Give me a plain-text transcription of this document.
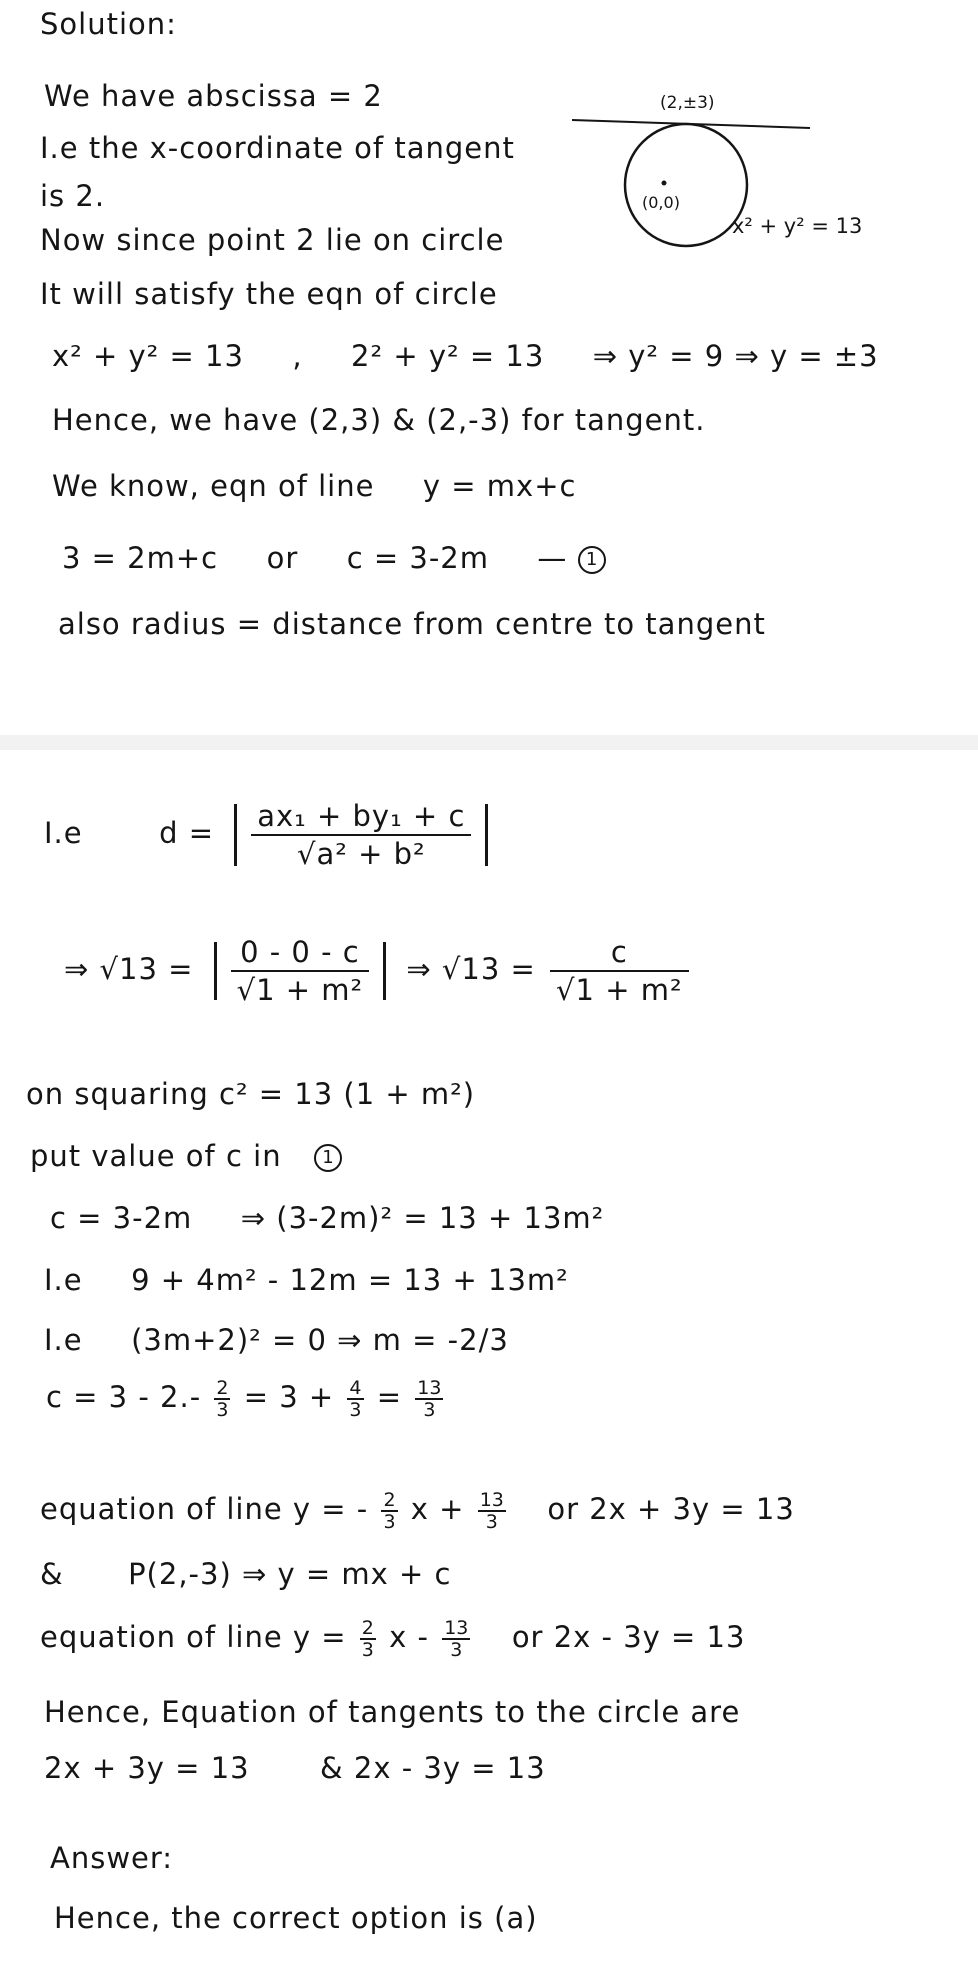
Solution:
We have abscissa = 2
I.e the x-coordinate of tangent
is 2.
Now since point 2 lie on circle
It will satisfy the eqn of circle
x² + y² = 13 , 2² + y² = 13 ⇒ y² = 9 ⇒ y = ±3
Hence, we have (2,3) & (2,-3) for tangent.
We know, eqn of line y = mx+c
3 = 2m+c or c = 3-2m — 1
also radius = distance from centre to tangent
(2,±3)
(0,0)
x² + y² = 13
I.e	$d = \frac{\text{ax₁ + by₁ + c}}{\text{√a² + b²}}$
⇒ $√13 = \frac{0 - 0 - c}{\text{√1 + m²}}$ ⇒ $√13 = \frac{c}{\text{√1 + m²}}$
on squaring c² = 13 (1 + m²)
put value of c in 1
c = 3-2m ⇒ (3-2m)² = 13 + 13m²
I.e 9 + 4m² - 12m = 13 + 13m²
I.e (3m+2)² = 0 ⇒ m = -2/3
$c = 3 - 2.- \frac{2}{3} = 3 + \frac{4}{3} = \frac{13}{3}$
equation of line y = - $\frac{2}{3}$ $x + \frac{13}{3}$ or 2x + 3y = 13
& P(2,-3) ⇒ y = mx + c
equation of line $y = \frac{2}{3}$ x - $\frac{13}{3}$ or 2x - 3y = 13
Hence, Equation of tangents to the circle are
2x + 3y = 13 & 2x - 3y = 13
Answer:
Hence, the correct option is (a)
